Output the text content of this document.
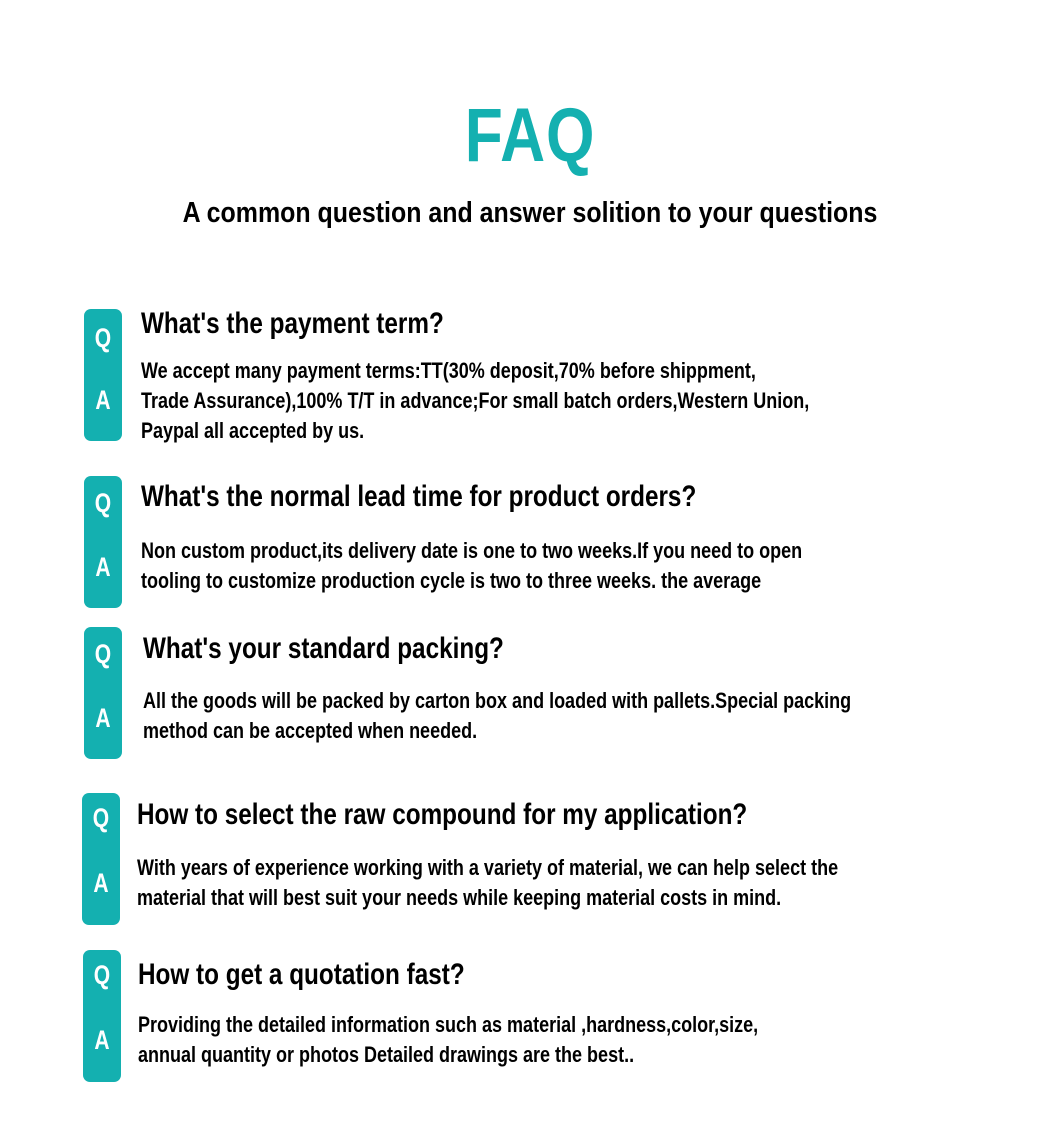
FAQ
A common question and answer solition to your questions
Q
A
What's the payment term?
We accept many payment terms:TT(30% deposit,70% before shippment,
Trade Assurance),100% T/T in advance;For small batch orders,Western Union,
Paypal all accepted by us.
Q
A
What's the normal lead time for product orders?
Non custom product,its delivery date is one to two weeks.If you need to open
tooling to customize production cycle is two to three weeks. the average
Q
A
What's your standard packing?
All the goods will be packed by carton box and loaded with pallets.Special packing
method can be accepted when needed.
Q
A
How to select the raw compound for my application?
With years of experience working with a variety of material, we can help select the
material that will best suit your needs while keeping material costs in mind.
Q
A
How to get a quotation fast?
Providing the detailed information such as material ,hardness,color,size,
annual quantity or photos Detailed drawings are the best..
